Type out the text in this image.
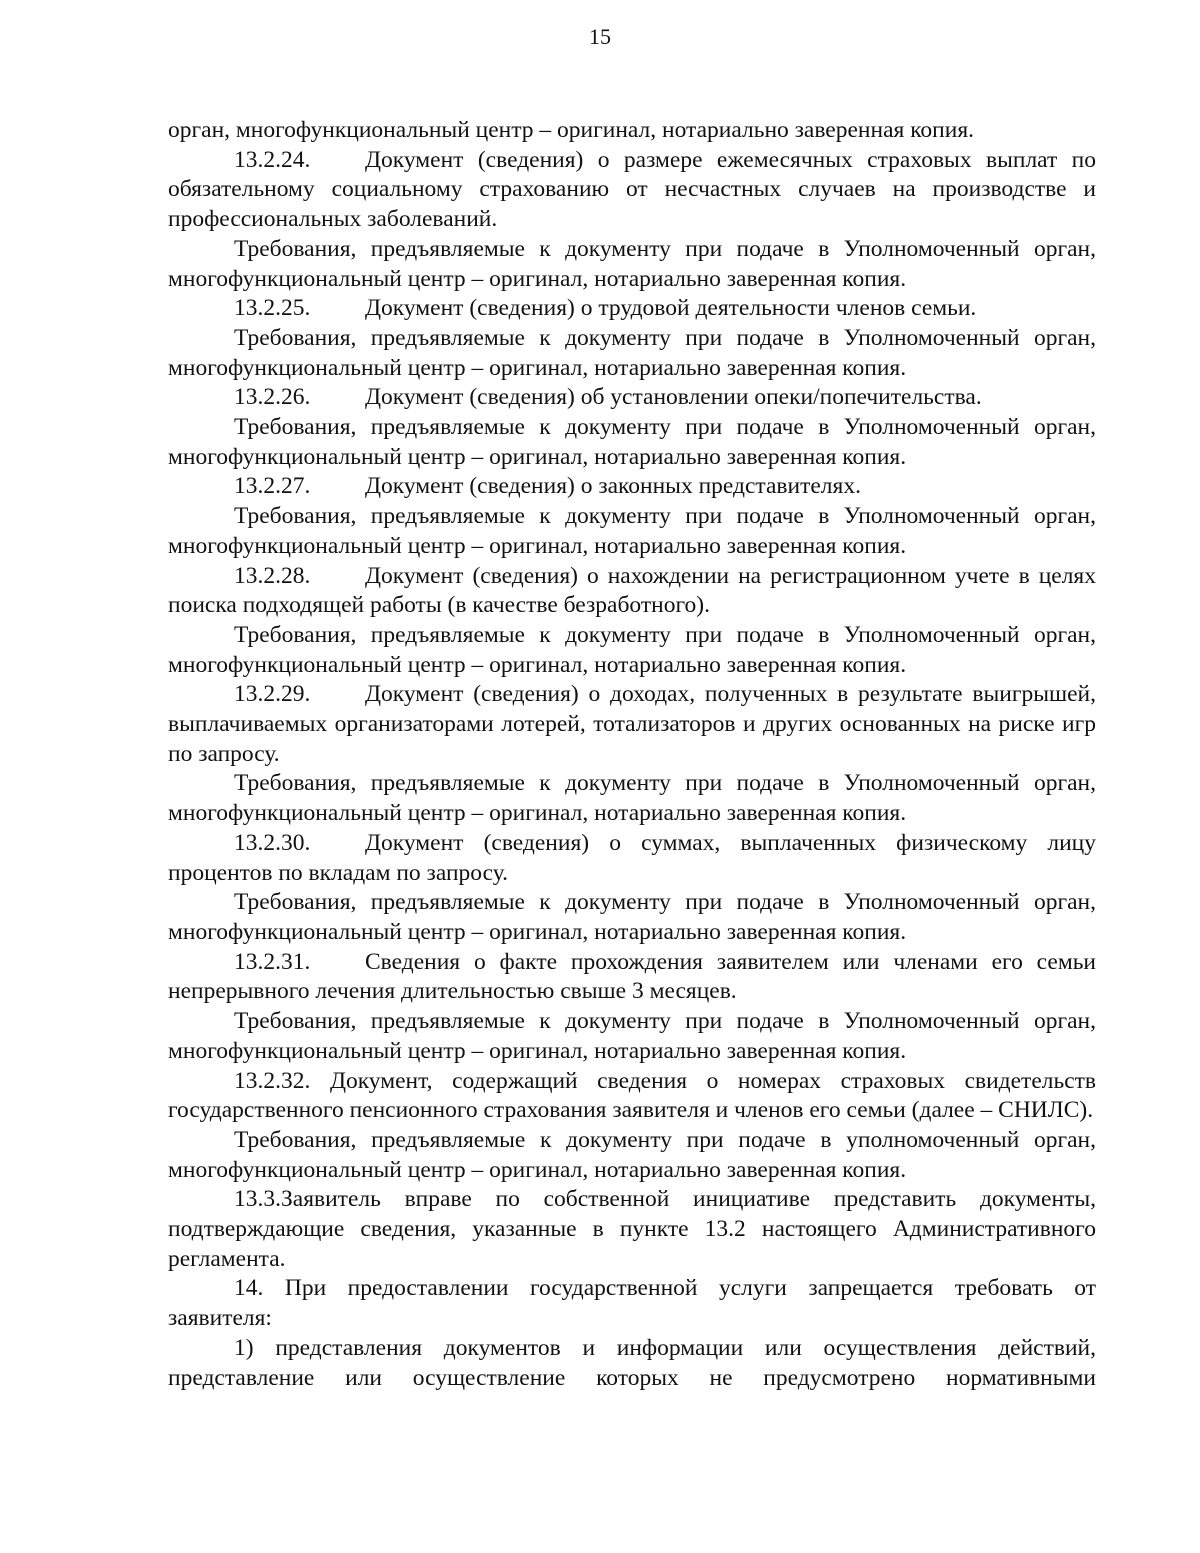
15

орган, многофункциональный центр – оригинал, нотариально заверенная копия.

13.2.24. Документ (сведения) о размере ежемесячных страховых выплат по обязательному социальному страхованию от несчастных случаев на производстве и профессиональных заболеваний.

Требования, предъявляемые к документу при подаче в Уполномоченный орган, многофункциональный центр – оригинал, нотариально заверенная копия.

13.2.25. Документ (сведения) о трудовой деятельности членов семьи.

Требования, предъявляемые к документу при подаче в Уполномоченный орган, многофункциональный центр – оригинал, нотариально заверенная копия.

13.2.26. Документ (сведения) об установлении опеки/попечительства.

Требования, предъявляемые к документу при подаче в Уполномоченный орган, многофункциональный центр – оригинал, нотариально заверенная копия.

13.2.27. Документ (сведения) о законных представителях.

Требования, предъявляемые к документу при подаче в Уполномоченный орган, многофункциональный центр – оригинал, нотариально заверенная копия.

13.2.28. Документ (сведения) о нахождении на регистрационном учете в целях поиска подходящей работы (в качестве безработного).

Требования, предъявляемые к документу при подаче в Уполномоченный орган, многофункциональный центр – оригинал, нотариально заверенная копия.

13.2.29. Документ (сведения) о доходах, полученных в результате выигрышей, выплачиваемых организаторами лотерей, тотализаторов и других основанных на риске игр по запросу.

Требования, предъявляемые к документу при подаче в Уполномоченный орган, многофункциональный центр – оригинал, нотариально заверенная копия.

13.2.30. Документ (сведения) о суммах, выплаченных физическому лицу процентов по вкладам по запросу.

Требования, предъявляемые к документу при подаче в Уполномоченный орган, многофункциональный центр – оригинал, нотариально заверенная копия.

13.2.31. Сведения о факте прохождения заявителем или членами его семьи непрерывного лечения длительностью свыше 3 месяцев.

Требования, предъявляемые к документу при подаче в Уполномоченный орган, многофункциональный центр – оригинал, нотариально заверенная копия.

13.2.32. Документ, содержащий сведения о номерах страховых свидетельств государственного пенсионного страхования заявителя и членов его семьи (далее – СНИЛС).

Требования, предъявляемые к документу при подаче в уполномоченный орган, многофункциональный центр – оригинал, нотариально заверенная копия.

13.3.Заявитель вправе по собственной инициативе представить документы, подтверждающие сведения, указанные в пункте 13.2 настоящего Административного регламента.

14. При предоставлении государственной услуги запрещается требовать от заявителя:

1) представления документов и информации или осуществления действий, представление или осуществление которых не предусмотрено нормативными
